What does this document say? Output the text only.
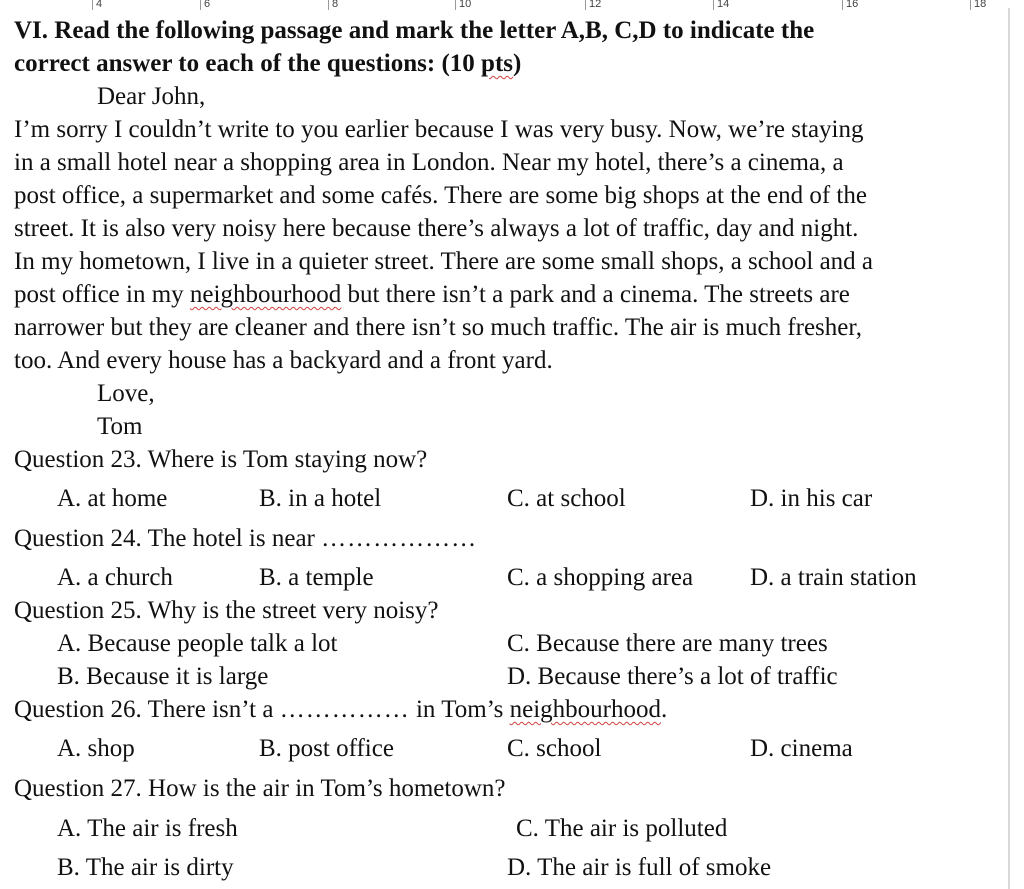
4	6	8	10	12	14	16	18
VI. Read the following passage and mark the letter A,B, C,D to indicate the
correct answer to each of the questions: (10 pts)
Dear John,
I’m sorry I couldn’t write to you earlier because I was very busy. Now, we’re staying
in a small hotel near a shopping area in London. Near my hotel, there’s a cinema, a
post office, a supermarket and some cafés. There are some big shops at the end of the
street. It is also very noisy here because there’s always a lot of traffic, day and night.
In my hometown, I live in a quieter street. There are some small shops, a school and a
post office in my neighbourhood but there isn’t a park and a cinema. The streets are
narrower but they are cleaner and there isn’t so much traffic. The air is much fresher,
too. And every house has a backyard and a front yard.
Love,
Tom
Question 23. Where is Tom staying now?
A. at home	B. in a hotel	C. at school	D. in his car
Question 24. The hotel is near ………………
A. a church	B. a temple	C. a shopping area D. a train station
Question 25. Why is the street very noisy?
A. Because people talk a lot	C. Because there are many trees
B. Because it is large	D. Because there’s a lot of traffic
Question 26. There isn’t a …………… in Tom’s neighbourhood.
A. shop	B. post office	C. school	D. cinema
Question 27. How is the air in Tom’s hometown?
A. The air is fresh	C. The air is polluted
B. The air is dirty	D. The air is full of smoke
